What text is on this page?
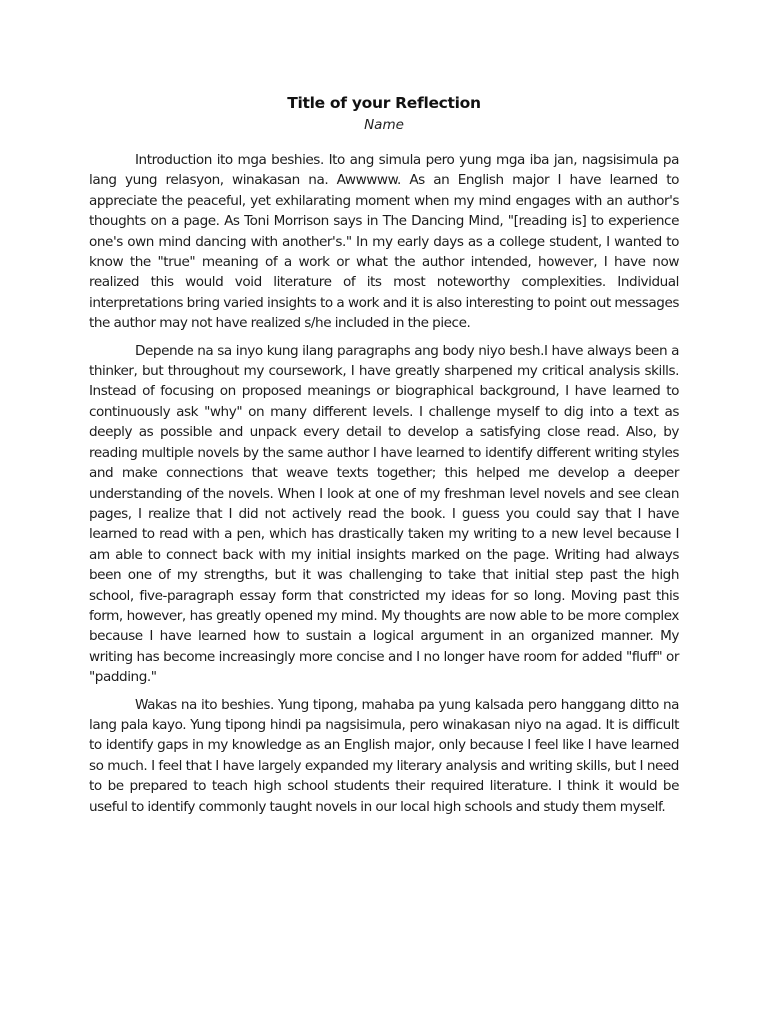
Title of your Reflection
Name

Introduction ito mga beshies. Ito ang simula pero yung mga iba jan, nagsisimula pa lang yung relasyon, winakasan na. Awwwww. As an English major I have learned to appreciate the peaceful, yet exhilarating moment when my mind engages with an author's thoughts on a page. As Toni Morrison says in The Dancing Mind, "[reading is] to experience one's own mind dancing with another's." In my early days as a college student, I wanted to know the "true" meaning of a work or what the author intended, however, I have now realized this would void literature of its most noteworthy complexities. Individual interpretations bring varied insights to a work and it is also interesting to point out messages the author may not have realized s/he included in the piece.

Depende na sa inyo kung ilang paragraphs ang body niyo besh.I have always been a thinker, but throughout my coursework, I have greatly sharpened my critical analysis skills. Instead of focusing on proposed meanings or biographical background, I have learned to continuously ask "why" on many different levels. I challenge myself to dig into a text as deeply as possible and unpack every detail to develop a satisfying close read. Also, by reading multiple novels by the same author I have learned to identify different writing styles and make connections that weave texts together; this helped me develop a deeper understanding of the novels. When I look at one of my freshman level novels and see clean pages, I realize that I did not actively read the book. I guess you could say that I have learned to read with a pen, which has drastically taken my writing to a new level because I am able to connect back with my initial insights marked on the page. Writing had always been one of my strengths, but it was challenging to take that initial step past the high school, five-paragraph essay form that constricted my ideas for so long. Moving past this form, however, has greatly opened my mind. My thoughts are now able to be more complex because I have learned how to sustain a logical argument in an organized manner. My writing has become increasingly more concise and I no longer have room for added "fluff" or "padding."

Wakas na ito beshies. Yung tipong, mahaba pa yung kalsada pero hanggang ditto na lang pala kayo. Yung tipong hindi pa nagsisimula, pero winakasan niyo na agad. It is difficult to identify gaps in my knowledge as an English major, only because I feel like I have learned so much. I feel that I have largely expanded my literary analysis and writing skills, but I need to be prepared to teach high school students their required literature. I think it would be useful to identify commonly taught novels in our local high schools and study them myself.
